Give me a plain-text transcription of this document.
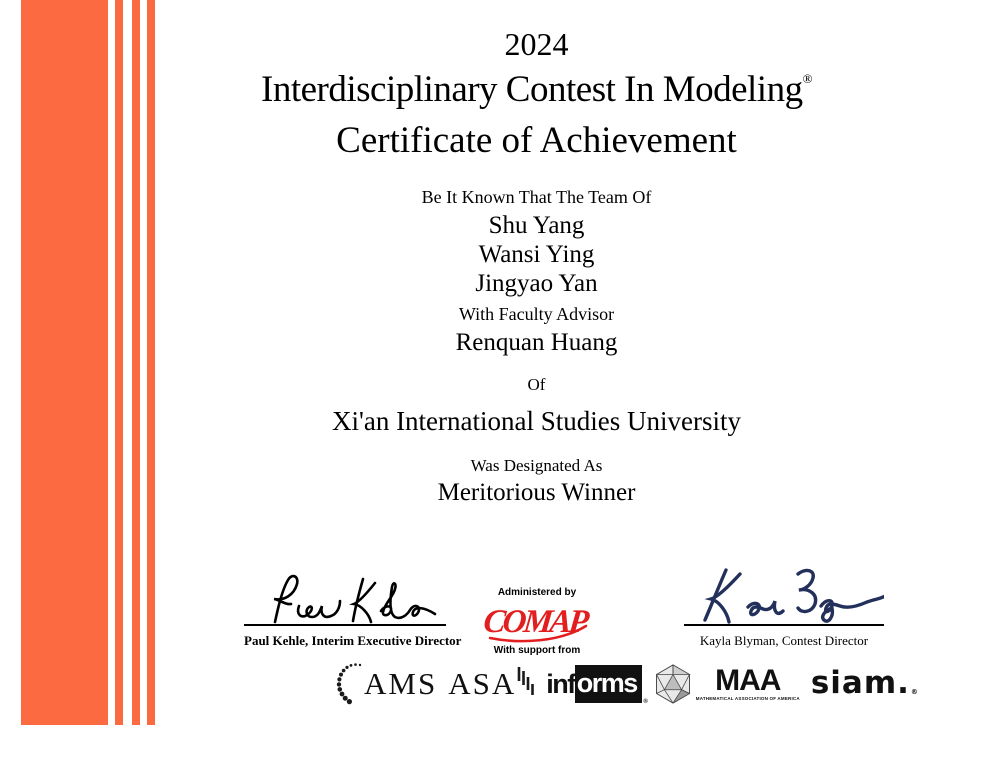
2024
Interdisciplinary Contest In Modeling®
Certificate of Achievement
Be It Known That The Team Of
Shu Yang
Wansi Ying
Jingyao Yan
With Faculty Advisor
Renquan Huang
Of
Xi'an International Studies University
Was Designated As
Meritorious Winner
Paul Kehle, Interim Executive Director
Administered by
COMAP
With support from
Kayla Blyman, Contest Director
AMS ASA inf orms
®
MAA
MATHEMATICAL ASSOCIATION OF AMERICA siam. ®
